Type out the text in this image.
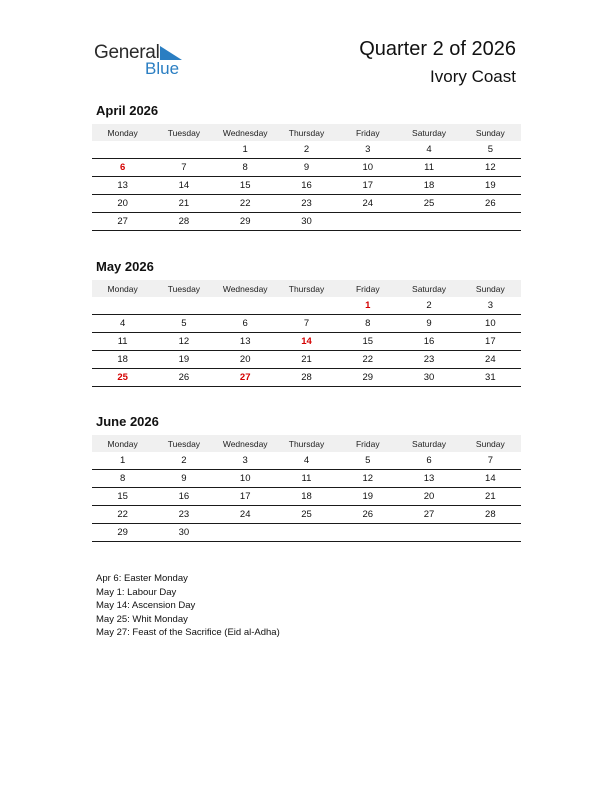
General
Blue
Quarter 2 of 2026
Ivory Coast
April 2026
Monday	Tuesday	Wednesday	Thursday	Friday	Saturday	Sunday
		1	2	3	4	5
6	7	8	9	10	11	12
13	14	15	16	17	18	19
20	21	22	23	24	25	26
27	28	29	30			
May 2026
Monday	Tuesday	Wednesday	Thursday	Friday	Saturday	Sunday
				1	2	3
4	5	6	7	8	9	10
11	12	13	14	15	16	17
18	19	20	21	22	23	24
25	26	27	28	29	30	31
June 2026
Monday	Tuesday	Wednesday	Thursday	Friday	Saturday	Sunday
1	2	3	4	5	6	7
8	9	10	11	12	13	14
15	16	17	18	19	20	21
22	23	24	25	26	27	28
29	30					
Apr 6: Easter Monday
May 1: Labour Day
May 14: Ascension Day
May 25: Whit Monday
May 27: Feast of the Sacrifice (Eid al-Adha)
